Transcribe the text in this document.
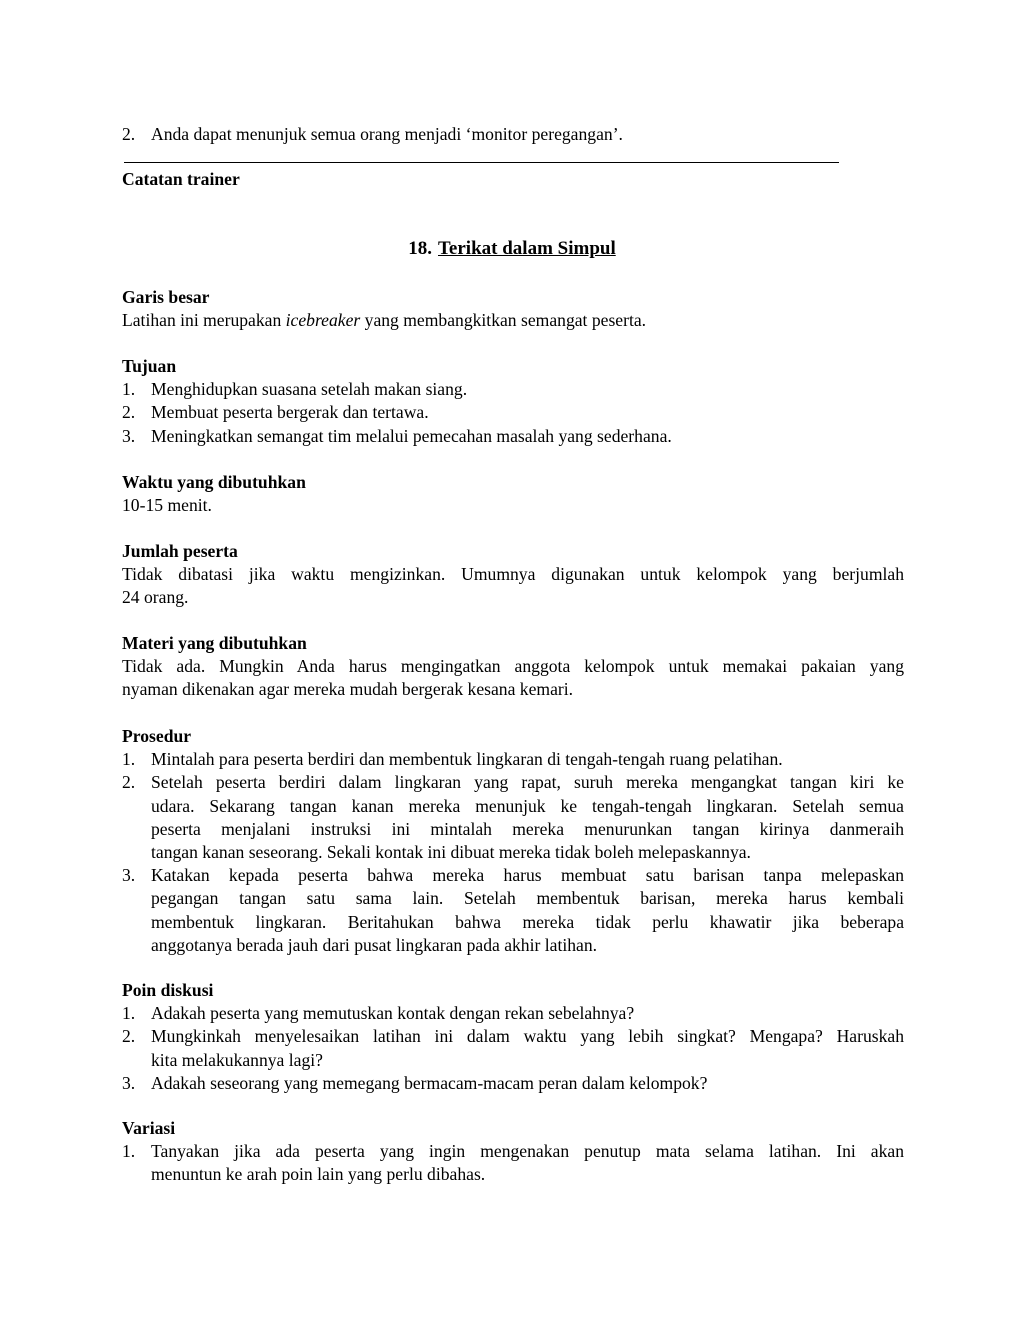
2. Anda dapat menunjuk semua orang menjadi ‘monitor peregangan’.
Catatan trainer
18. Terikat dalam Simpul
Garis besar
Latihan ini merupakan icebreaker yang membangkitkan semangat peserta.
Tujuan
1. Menghidupkan suasana setelah makan siang.
2. Membuat peserta bergerak dan tertawa.
3. Meningkatkan semangat tim melalui pemecahan masalah yang sederhana.
Waktu yang dibutuhkan
10-15 menit.
Jumlah peserta
Tidak dibatasi jika waktu mengizinkan. Umumnya digunakan untuk kelompok yang berjumlah
24 orang.
Materi yang dibutuhkan
Tidak ada. Mungkin Anda harus mengingatkan anggota kelompok untuk memakai pakaian yang
nyaman dikenakan agar mereka mudah bergerak kesana kemari.
Prosedur
1. Mintalah para peserta berdiri dan membentuk lingkaran di tengah-tengah ruang pelatihan.
2. Setelah peserta berdiri dalam lingkaran yang rapat, suruh mereka mengangkat tangan kiri ke
udara. Sekarang tangan kanan mereka menunjuk ke tengah-tengah lingkaran. Setelah semua
peserta menjalani instruksi ini mintalah mereka menurunkan tangan kirinya danmeraih
tangan kanan seseorang. Sekali kontak ini dibuat mereka tidak boleh melepaskannya.
3. Katakan kepada peserta bahwa mereka harus membuat satu barisan tanpa melepaskan
pegangan tangan satu sama lain. Setelah membentuk barisan, mereka harus kembali
membentuk lingkaran. Beritahukan bahwa mereka tidak perlu khawatir jika beberapa
anggotanya berada jauh dari pusat lingkaran pada akhir latihan.
Poin diskusi
1. Adakah peserta yang memutuskan kontak dengan rekan sebelahnya?
2. Mungkinkah menyelesaikan latihan ini dalam waktu yang lebih singkat? Mengapa? Haruskah
kita melakukannya lagi?
3. Adakah seseorang yang memegang bermacam-macam peran dalam kelompok?
Variasi
1. Tanyakan jika ada peserta yang ingin mengenakan penutup mata selama latihan. Ini akan
menuntun ke arah poin lain yang perlu dibahas.
